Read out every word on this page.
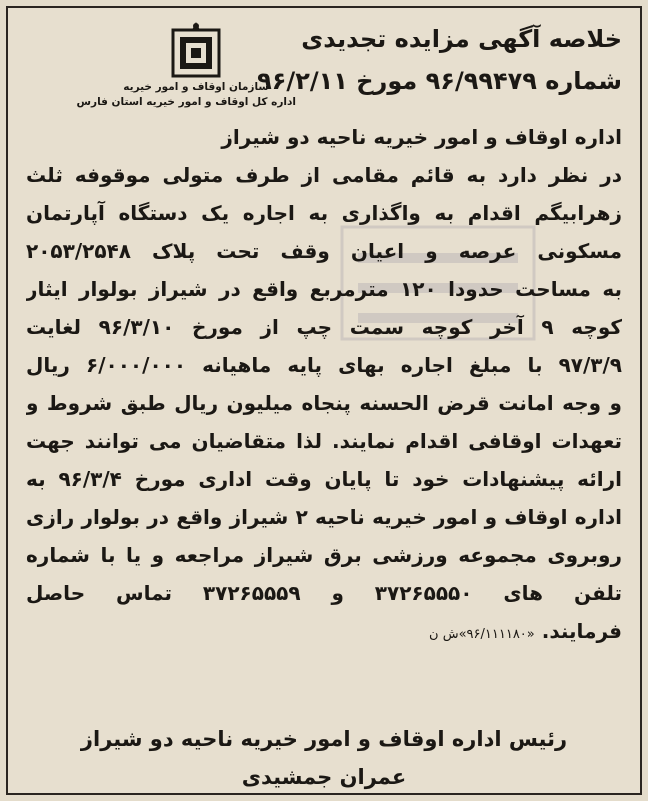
سازمان اوقاف و امور خیریه
اداره کل اوقاف و امور خیریه استان فارس
خلاصه آگهی مزایده تجدیدی
شماره ۹۶/۹۹۴۷۹ مورخ ۹۶/۲/۱۱
اداره اوقاف و امور خیریه ناحیه دو شیراز
در نظر دارد به قائم مقامی از طرف متولی موقوفه ثلث
زهرابیگم اقدام به واگذاری به اجاره یک دستگاه آپارتمان
مسکونی عرصه و اعیان وقف تحت پلاک ۲۰۵۳/۲۵۴۸
به مساحت حدودا ۱۲۰ مترمربع واقع در شیراز بولوار ایثار
کوچه ۹ آخر کوچه سمت چپ از مورخ ۹۶/۳/۱۰ لغایت
۹۷/۳/۹ با مبلغ اجاره بهای پایه ماهیانه ۶/۰۰۰/۰۰۰ ریال
و وجه امانت قرض الحسنه پنجاه میلیون ریال طبق شروط و
تعهدات اوقافی اقدام نمایند. لذا متقاضیان می توانند جهت
ارائه پیشنهادات خود تا پایان وقت اداری مورخ ۹۶/۳/۴ به
اداره اوقاف و امور خیریه ناحیه ۲ شیراز واقع در بولوار رازی
روبروی مجموعه ورزشی برق شیراز مراجعه و یا با شماره
تلفن های ۳۷۲۶۵۵۵۰ و ۳۷۲۶۵۵۵۹ تماس حاصل
فرمایند. «۹۶/۱۱۱۱۸۰»ش ن
رئیس اداره اوقاف و امور خیریه ناحیه دو شیراز
عمران جمشیدی
